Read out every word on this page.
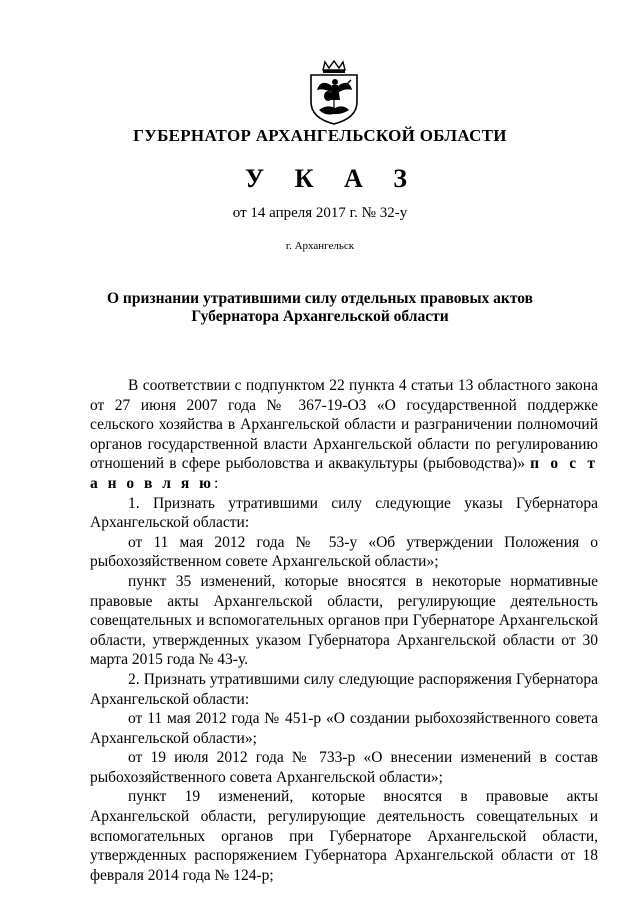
ГУБЕРНАТОР АРХАНГЕЛЬСКОЙ ОБЛАСТИ
У К А З
от 14 апреля 2017 г. № 32-у
г. Архангельск
О признании утратившими силу отдельных правовых актов
Губернатора Архангельской области

В соответствии с подпунктом 22 пункта 4 статьи 13 областного закона от 27 июня 2007 года № 367-19-ОЗ «О государственной поддержке сельского хозяйства в Архангельской области и разграничении полномочий органов государственной власти Архангельской области по регулированию отношений в сфере рыболовства и аквакультуры (рыбоводства)» п о с т а н о в л я ю:

1. Признать утратившими силу следующие указы Губернатора Архангельской области:

от 11 мая 2012 года № 53-у «Об утверждении Положения о рыбохозяйственном совете Архангельской области»;

пункт 35 изменений, которые вносятся в некоторые нормативные правовые акты Архангельской области, регулирующие деятельность совещательных и вспомогательных органов при Губернаторе Архангельской области, утвержденных указом Губернатора Архангельской области от 30 марта 2015 года № 43-у.

2. Признать утратившими силу следующие распоряжения Губернатора Архангельской области:

от 11 мая 2012 года № 451-р «О создании рыбохозяйственного совета Архангельской области»;

от 19 июля 2012 года № 733-р «О внесении изменений в состав рыбохозяйственного совета Архангельской области»;

пункт 19 изменений, которые вносятся в правовые акты Архангельской области, регулирующие деятельность совещательных и вспомогательных органов при Губернаторе Архангельской области, утвержденных распоряжением Губернатора Архангельской области от 18 февраля 2014 года № 124-р;
